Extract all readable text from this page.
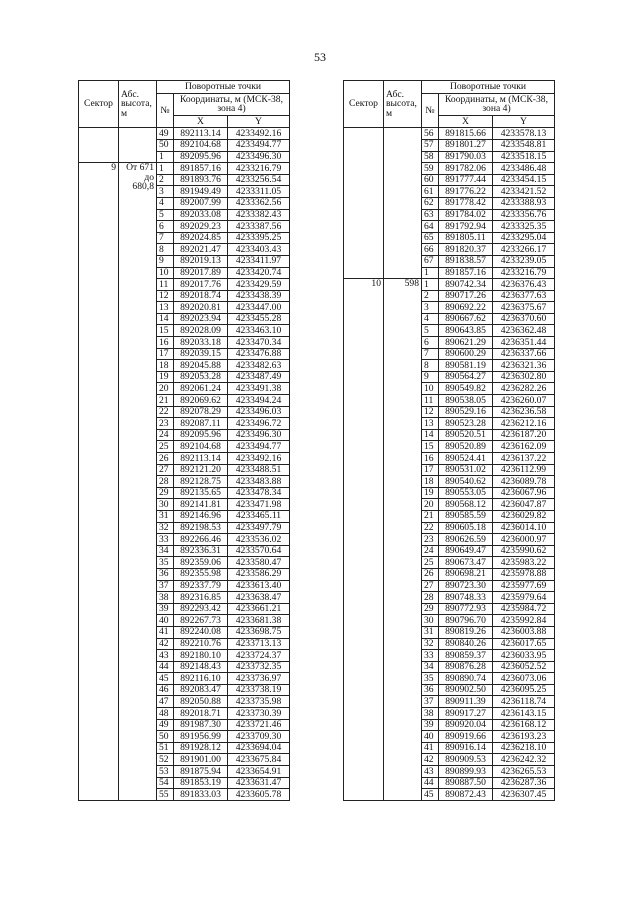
53
Сектор	Абс. высота, м	Поворотные точки		
		№	Координаты, м (МСК-38, зона 4)	
			X	Y
		49	892113.14	4233492.16
		50	892104.68	4233494.77
		1	892095.96	4233496.30
9	От 671 до 680,8	1	891857.16	4233216.79
		2	891893.76	4233256.54
		3	891949.49	4233311.05
		4	892007.99	4233362.56
		5	892033.08	4233382.43
		6	892029.23	4233387.56
		7	892024.85	4233395.25
		8	892021.47	4233403.43
		9	892019.13	4233411.97
		10	892017.89	4233420.74
		11	892017.76	4233429.59
		12	892018.74	4233438.39
		13	892020.81	4233447.00
		14	892023.94	4233455.28
		15	892028.09	4233463.10
		16	892033.18	4233470.34
		17	892039.15	4233476.88
		18	892045.88	4233482.63
		19	892053.28	4233487.49
		20	892061.24	4233491.38
		21	892069.62	4233494.24
		22	892078.29	4233496.03
		23	892087.11	4233496.72
		24	892095.96	4233496.30
		25	892104.68	4233494.77
		26	892113.14	4233492.16
		27	892121.20	4233488.51
		28	892128.75	4233483.88
		29	892135.65	4233478.34
		30	892141.81	4233471.98
		31	892146.96	4233465.11
		32	892198.53	4233497.79
		33	892266.46	4233536.02
		34	892336.31	4233570.64
		35	892359.06	4233580.47
		36	892355.98	4233586.29
		37	892337.79	4233613.40
		38	892316.85	4233638.47
		39	892293.42	4233661.21
		40	892267.73	4233681.38
		41	892240.08	4233698.75
		42	892210.76	4233713.13
		43	892180.10	4233724.37
		44	892148.43	4233732.35
		45	892116.10	4233736.97
		46	892083.47	4233738.19
		47	892050.88	4233735.98
		48	892018.71	4233730.39
		49	891987.30	4233721.46
		50	891956.99	4233709.30
		51	891928.12	4233694.04
		52	891901.00	4233675.84
		53	891875.94	4233654.91
		54	891853.19	4233631.47
		55	891833.03	4233605.78
Сектор	Абс. высота, м	Поворотные точки		
		№	Координаты, м (МСК-38, зона 4)	
			X	Y
		56	891815.66	4233578.13
		57	891801.27	4233548.81
		58	891790.03	4233518.15
		59	891782.06	4233486.48
		60	891777.44	4233454.15
		61	891776.22	4233421.52
		62	891778.42	4233388.93
		63	891784.02	4233356.76
		64	891792.94	4233325.35
		65	891805.11	4233295.04
		66	891820.37	4233266.17
		67	891838.57	4233239.05
		1	891857.16	4233216.79
10	598	1	890742.34	4236376.43
		2	890717.26	4236377.63
		3	890692.22	4236375.67
		4	890667.62	4236370.60
		5	890643.85	4236362.48
		6	890621.29	4236351.44
		7	890600.29	4236337.66
		8	890581.19	4236321.36
		9	890564.27	4236302.80
		10	890549.82	4236282.26
		11	890538.05	4236260.07
		12	890529.16	4236236.58
		13	890523.28	4236212.16
		14	890520.51	4236187.20
		15	890520.89	4236162.09
		16	890524.41	4236137.22
		17	890531.02	4236112.99
		18	890540.62	4236089.78
		19	890553.05	4236067.96
		20	890568.12	4236047.87
		21	890585.59	4236029.82
		22	890605.18	4236014.10
		23	890626.59	4236000.97
		24	890649.47	4235990.62
		25	890673.47	4235983.22
		26	890698.21	4235978.88
		27	890723.30	4235977.69
		28	890748.33	4235979.64
		29	890772.93	4235984.72
		30	890796.70	4235992.84
		31	890819.26	4236003.88
		32	890840.26	4236017.65
		33	890859.37	4236033.95
		34	890876.28	4236052.52
		35	890890.74	4236073.06
		36	890902.50	4236095.25
		37	890911.39	4236118.74
		38	890917.27	4236143.15
		39	890920.04	4236168.12
		40	890919.66	4236193.23
		41	890916.14	4236218.10
		42	890909.53	4236242.32
		43	890899.93	4236265.53
		44	890887.50	4236287.36
		45	890872.43	4236307.45
